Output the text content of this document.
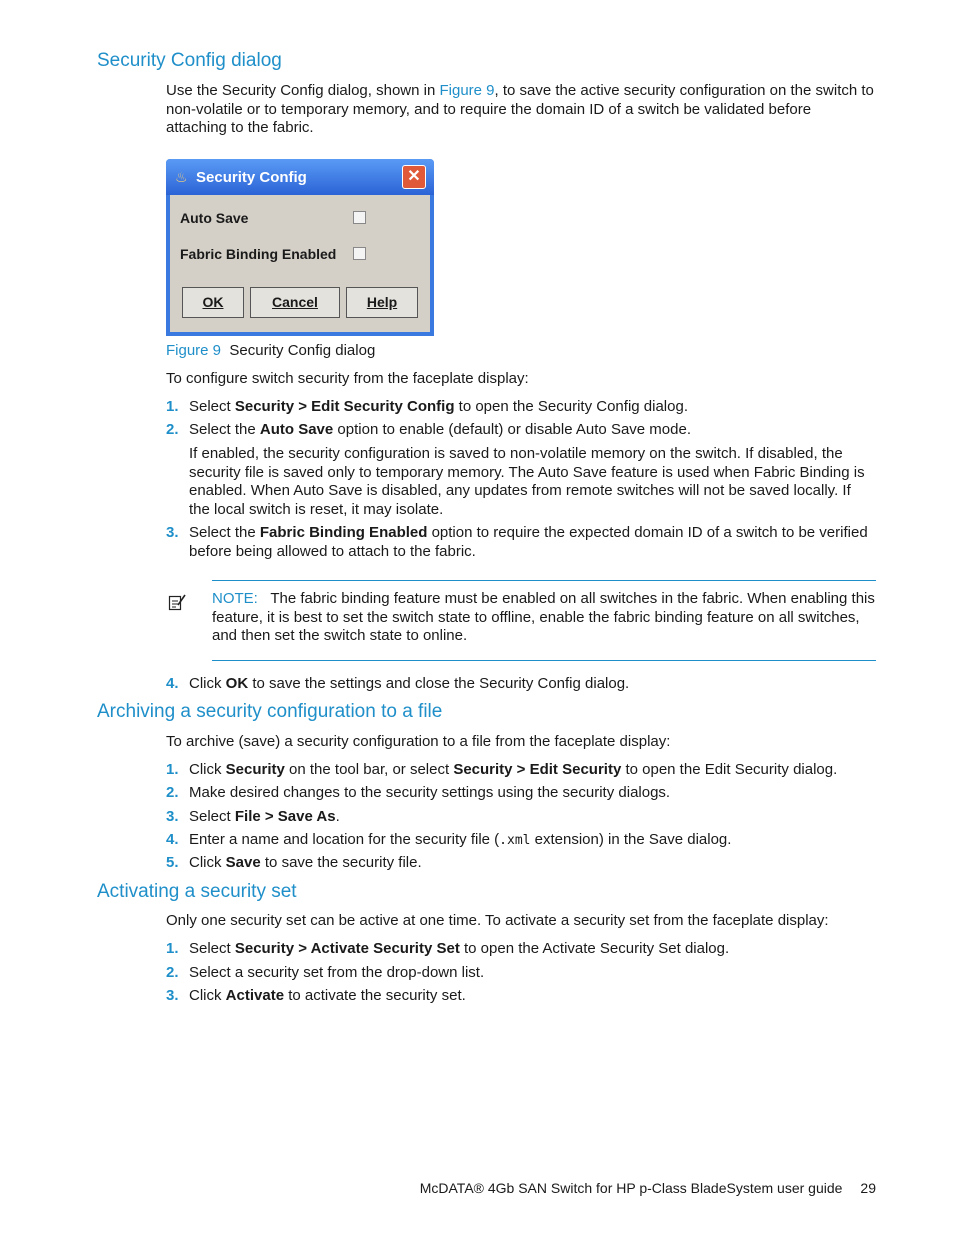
Security Config dialog
Use the Security Config dialog, shown in Figure 9, to save the active security configuration on the switch to non-volatile or to temporary memory, and to require the domain ID of a switch be validated before attaching to the fabric.
♨ Security Config	✕
Auto Save
Fabric Binding Enabled
OK	Cancel	Help
Figure 9 Security Config dialog
To configure switch security from the faceplate display:
1. Select Security > Edit Security Config to open the Security Config dialog.
2. Select the Auto Save option to enable (default) or disable Auto Save mode.
If enabled, the security configuration is saved to non-volatile memory on the switch. If disabled, the security file is saved only to temporary memory. The Auto Save feature is used when Fabric Binding is enabled. When Auto Save is disabled, any updates from remote switches will not be saved locally. If the local switch is reset, it may isolate.
3. Select the Fabric Binding Enabled option to require the expected domain ID of a switch to be verified before being allowed to attach to the fabric.
NOTE: The fabric binding feature must be enabled on all switches in the fabric. When enabling this feature, it is best to set the switch state to offline, enable the fabric binding feature on all switches, and then set the switch state to online.
4. Click OK to save the settings and close the Security Config dialog.
Archiving a security configuration to a file
To archive (save) a security configuration to a file from the faceplate display:
1. Click Security on the tool bar, or select Security > Edit Security to open the Edit Security dialog.
2. Make desired changes to the security settings using the security dialogs.
3. Select File > Save As.
4. Enter a name and location for the security file (.xml extension) in the Save dialog.
5. Click Save to save the security file.
Activating a security set
Only one security set can be active at one time. To activate a security set from the faceplate display:
1. Select Security > Activate Security Set to open the Activate Security Set dialog.
2. Select a security set from the drop-down list.
3. Click Activate to activate the security set.
McDATA® 4Gb SAN Switch for HP p-Class BladeSystem user guide 29
